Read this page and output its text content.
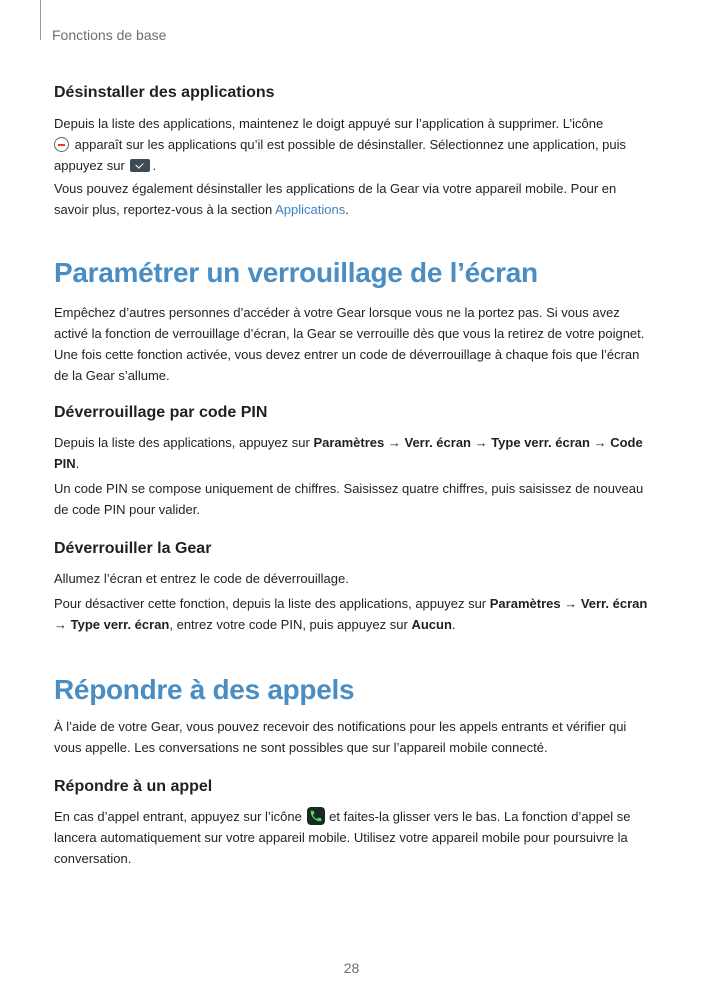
Fonctions de base
Désinstaller des applications
Depuis la liste des applications, maintenez le doigt appuyé sur l’application à supprimer. L’icône
apparaît sur les applications qu’il est possible de désinstaller. Sélectionnez une application, puis
appuyez sur .
Vous pouvez également désinstaller les applications de la Gear via votre appareil mobile. Pour en
savoir plus, reportez-vous à la section Applications.
Paramétrer un verrouillage de l’écran
Empêchez d’autres personnes d’accéder à votre Gear lorsque vous ne la portez pas. Si vous avez activé la fonction de verrouillage d’écran, la Gear se verrouille dès que vous la retirez de votre poignet. Une fois cette fonction activée, vous devez entrer un code de déverrouillage à chaque fois que l’écran de la Gear s’allume.
Déverrouillage par code PIN
Depuis la liste des applications, appuyez sur Paramètres → Verr. écran → Type verr. écran → Code PIN.
Un code PIN se compose uniquement de chiffres. Saisissez quatre chiffres, puis saisissez de nouveau de code PIN pour valider.
Déverrouiller la Gear
Allumez l’écran et entrez le code de déverrouillage.
Pour désactiver cette fonction, depuis la liste des applications, appuyez sur Paramètres → Verr. écran → Type verr. écran, entrez votre code PIN, puis appuyez sur Aucun.
Répondre à des appels
À l’aide de votre Gear, vous pouvez recevoir des notifications pour les appels entrants et vérifier qui vous appelle. Les conversations ne sont possibles que sur l’appareil mobile connecté.
Répondre à un appel
En cas d’appel entrant, appuyez sur l’icône et faites-la glisser vers le bas. La fonction d’appel se lancera automatiquement sur votre appareil mobile. Utilisez votre appareil mobile pour poursuivre la conversation.
28
